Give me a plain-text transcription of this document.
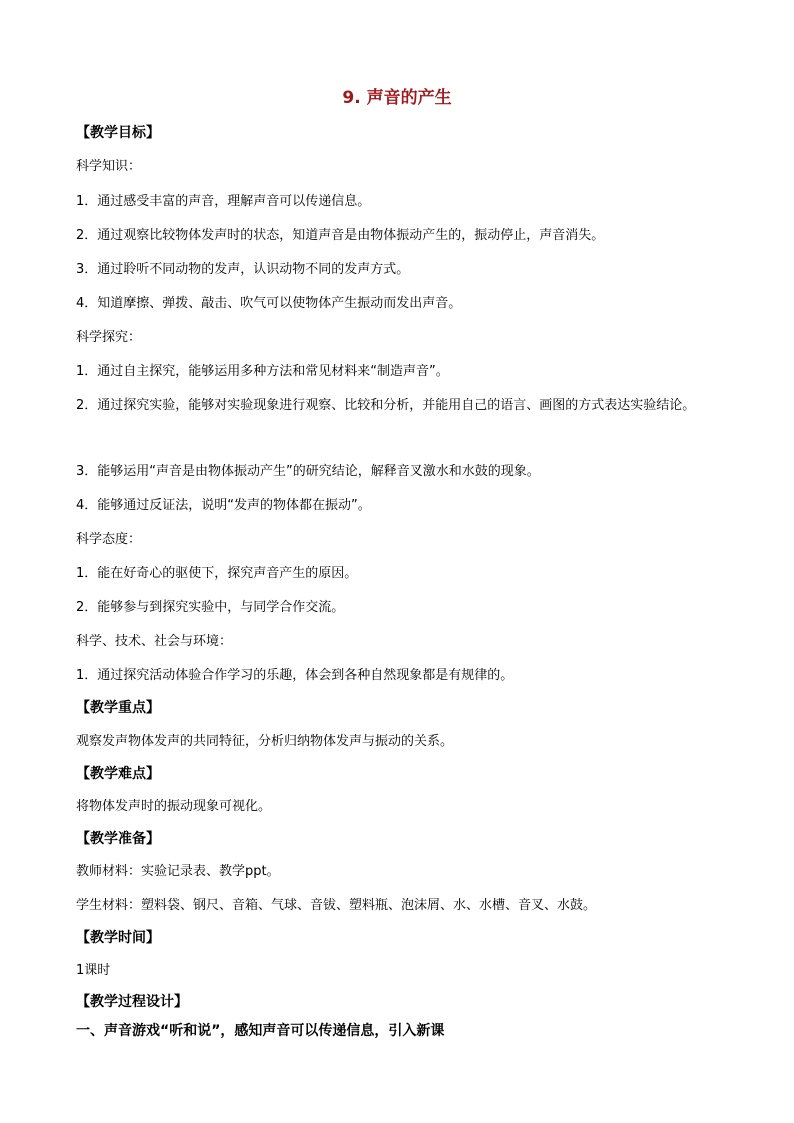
9. 声音的产生
【教学目标】
科学知识：
1．通过感受丰富的声音，理解声音可以传递信息。
2．通过观察比较物体发声时的状态，知道声音是由物体振动产生的，振动停止，声音消失。
3．通过聆听不同动物的发声，认识动物不同的发声方式。
4．知道摩擦、弹拨、敲击、吹气可以使物体产生振动而发出声音。
科学探究：
1．通过自主探究，能够运用多种方法和常见材料来“制造声音”。
2．通过探究实验，能够对实验现象进行观察、比较和分析，并能用自己的语言、画图的方式表达实验结论。
3．能够运用“声音是由物体振动产生”的研究结论，解释音叉激水和水鼓的现象。
4．能够通过反证法，说明“发声的物体都在振动”。
科学态度：
1．能在好奇心的驱使下，探究声音产生的原因。
2．能够参与到探究实验中，与同学合作交流。
科学、技术、社会与环境：
1．通过探究活动体验合作学习的乐趣，体会到各种自然现象都是有规律的。
【教学重点】
观察发声物体发声的共同特征，分析归纳物体发声与振动的关系。
【教学难点】
将物体发声时的振动现象可视化。
【教学准备】
教师材料：实验记录表、教学ppt。
学生材料：塑料袋、钢尺、音箱、气球、音钹、塑料瓶、泡沫屑、水、水槽、音叉、水鼓。
【教学时间】
1课时
【教学过程设计】
一、声音游戏“听和说”，感知声音可以传递信息，引入新课
